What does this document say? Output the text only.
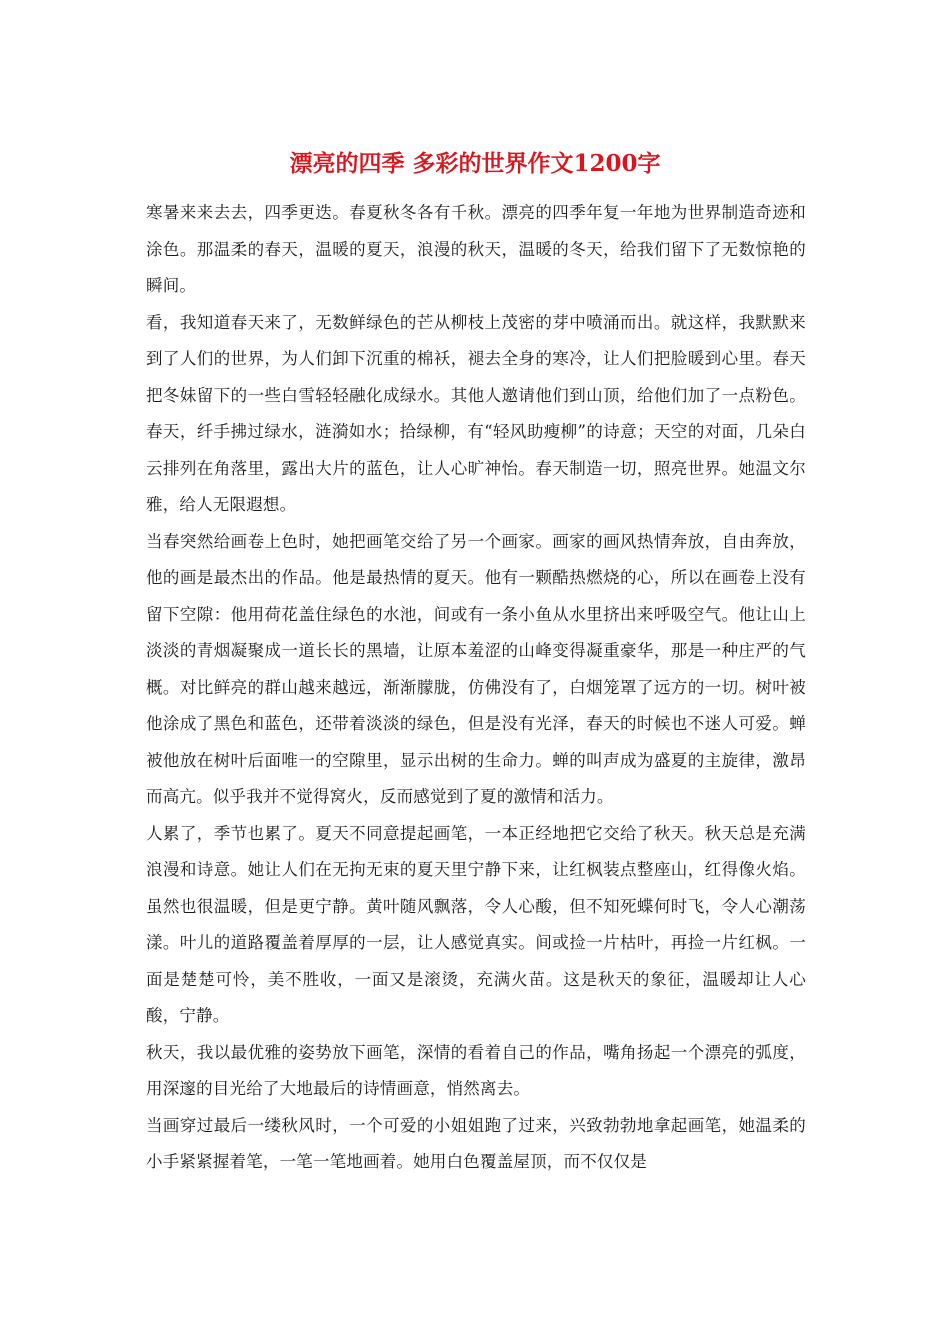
漂亮的四季 多彩的世界作文1200字

寒暑来来去去，四季更迭。春夏秋冬各有千秋。漂亮的四季年复一年地为世界制造奇迹和涂色。那温柔的春天，温暖的夏天，浪漫的秋天，温暖的冬天，给我们留下了无数惊艳的瞬间。

看，我知道春天来了，无数鲜绿色的芒从柳枝上茂密的芽中喷涌而出。就这样，我默默来到了人们的世界，为人们卸下沉重的棉袄，褪去全身的寒冷，让人们把脸暖到心里。春天把冬妹留下的一些白雪轻轻融化成绿水。其他人邀请他们到山顶，给他们加了一点粉色。春天，纤手拂过绿水，涟漪如水；拾绿柳，有“轻风助瘦柳”的诗意；天空的对面，几朵白云排列在角落里，露出大片的蓝色，让人心旷神怡。春天制造一切，照亮世界。她温文尔雅，给人无限遐想。

当春突然给画卷上色时，她把画笔交给了另一个画家。画家的画风热情奔放，自由奔放，他的画是最杰出的作品。他是最热情的夏天。他有一颗酷热燃烧的心，所以在画卷上没有留下空隙：他用荷花盖住绿色的水池，间或有一条小鱼从水里挤出来呼吸空气。他让山上淡淡的青烟凝聚成一道长长的黑墙，让原本羞涩的山峰变得凝重豪华，那是一种庄严的气概。对比鲜亮的群山越来越远，渐渐朦胧，仿佛没有了，白烟笼罩了远方的一切。树叶被他涂成了黑色和蓝色，还带着淡淡的绿色，但是没有光泽，春天的时候也不迷人可爱。蝉被他放在树叶后面唯一的空隙里，显示出树的生命力。蝉的叫声成为盛夏的主旋律，激昂而高亢。似乎我并不觉得窝火，反而感觉到了夏的激情和活力。

人累了，季节也累了。夏天不同意提起画笔，一本正经地把它交给了秋天。秋天总是充满浪漫和诗意。她让人们在无拘无束的夏天里宁静下来，让红枫装点整座山，红得像火焰。虽然也很温暖，但是更宁静。黄叶随风飘落，令人心酸，但不知死蝶何时飞，令人心潮荡漾。叶儿的道路覆盖着厚厚的一层，让人感觉真实。间或捡一片枯叶，再捡一片红枫。一面是楚楚可怜，美不胜收，一面又是滚烫，充满火苗。这是秋天的象征，温暖却让人心酸，宁静。

秋天，我以最优雅的姿势放下画笔，深情的看着自己的作品，嘴角扬起一个漂亮的弧度，用深邃的目光给了大地最后的诗情画意，悄然离去。

当画穿过最后一缕秋风时，一个可爱的小姐姐跑了过来，兴致勃勃地拿起画笔，她温柔的小手紧紧握着笔，一笔一笔地画着。她用白色覆盖屋顶，而不仅仅是
